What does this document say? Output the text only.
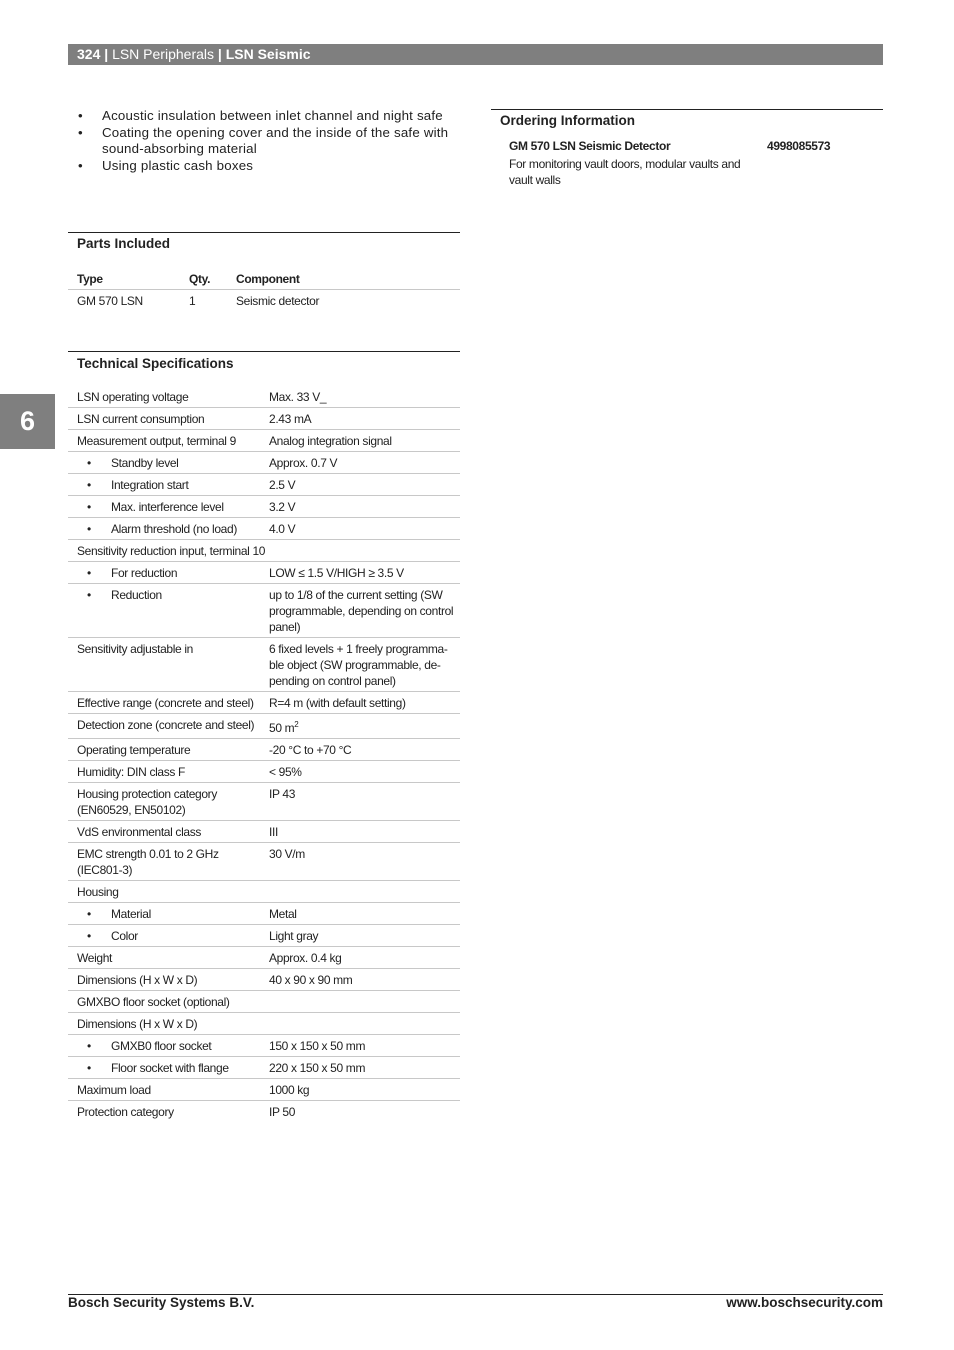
324 | LSN Peripherals | LSN Seismic
6
• Acoustic insulation between inlet channel and night safe
• Coating the opening cover and the inside of the safe with sound-absorbing material
• Using plastic cash boxes
Parts Included
Type	Qty.	Component
GM 570 LSN	1	Seismic detector
Technical Specifications
LSN operating voltage	Max. 33 V_
LSN current consumption	2.43 mA
Measurement output, terminal 9	Analog integration signal
• Standby level	Approx. 0.7 V
• Integration start	2.5 V
• Max. interference level	3.2 V
• Alarm threshold (no load)	4.0 V
Sensitivity reduction input, terminal 10	
• For reduction	LOW ≤ 1.5 V/HIGH ≥ 3.5 V
• Reduction	up to 1/8 of the current setting (SW programmable, depending on control panel)
Sensitivity adjustable in	6 fixed levels + 1 freely programma-ble object (SW programmable, de-pending on control panel)
Effective range (concrete and steel)	R=4 m (with default setting)
Detection zone (concrete and steel)	50 $m^2$
Operating temperature	-20 °C to +70 °C
Humidity: DIN class F	< 95%
Housing protection category (EN60529, EN50102)	IP 43
VdS environmental class	III
EMC strength 0.01 to 2 GHz (IEC801-3)	30 V/m
Housing	
• Material	Metal
• Color	Light gray
Weight	Approx. 0.4 kg
Dimensions (H x W x D)	40 x 90 x 90 mm
GMXBO floor socket (optional)	
Dimensions (H x W x D)	
• GMXB0 floor socket	150 x 150 x 50 mm
• Floor socket with flange	220 x 150 x 50 mm
Maximum load	1000 kg
Protection category	IP 50
Ordering Information
GM 570 LSN Seismic Detector	4998085573
For monitoring vault doors, modular vaults and vault walls
Bosch Security Systems B.V.	www.boschsecurity.com
